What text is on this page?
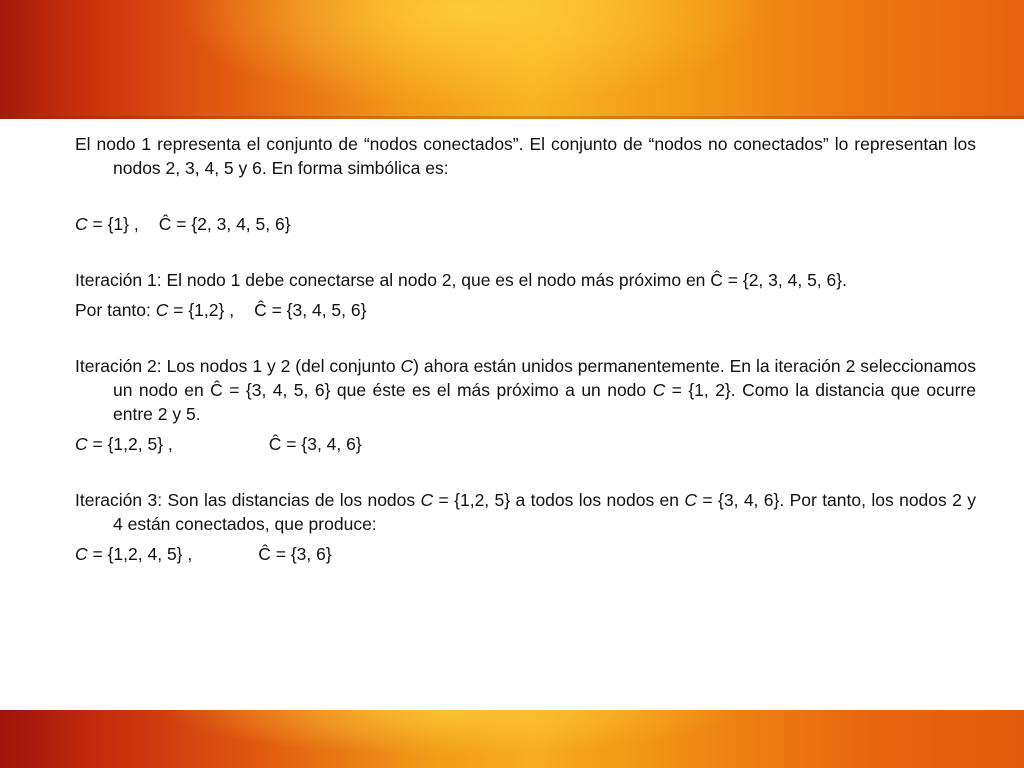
El nodo 1 representa el conjunto de “nodos conectados”. El conjunto de “nodos no conectados” lo representan los nodos 2, 3, 4, 5 y 6. En forma simbólica es:

C = {1} , Ĉ = {2, 3, 4, 5, 6}

Iteración 1: El nodo 1 debe conectarse al nodo 2, que es el nodo más próximo en Ĉ = {2, 3, 4, 5, 6}.

Por tanto: C = {1,2} , Ĉ = {3, 4, 5, 6}

Iteración 2: Los nodos 1 y 2 (del conjunto C) ahora están unidos permanentemente. En la iteración 2 seleccionamos un nodo en Ĉ = {3, 4, 5, 6} que éste es el más próximo a un nodo C = {1, 2}. Como la distancia que ocurre entre 2 y 5.

C = {1,2, 5} ,	Ĉ = {3, 4, 6}

Iteración 3: Son las distancias de los nodos C = {1,2, 5} a todos los nodos en C = {3, 4, 6}. Por tanto, los nodos 2 y 4 están conectados, que produce:

C = {1,2, 4, 5} ,	Ĉ = {3, 6}
